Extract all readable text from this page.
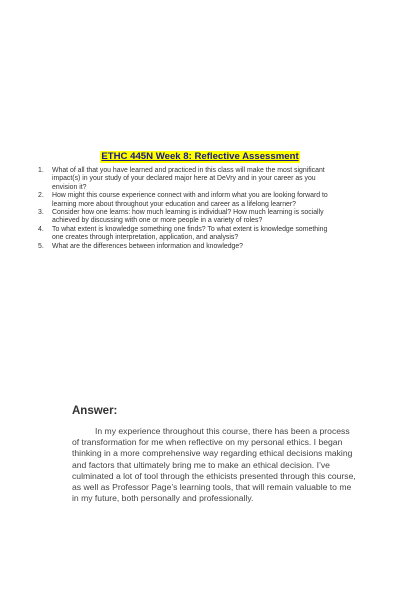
ETHC 445N Week 8: Reflective Assessment
1. What of all that you have learned and practiced in this class will make the most significant impact(s) in your study of your declared major here at DeVry and in your career as you envision it?
2. How might this course experience connect with and inform what you are looking forward to learning more about throughout your education and career as a lifelong learner?
3. Consider how one learns: how much learning is individual? How much learning is socially achieved by discussing with one or more people in a variety of roles?
4. To what extent is knowledge something one finds? To what extent is knowledge something one creates through interpretation, application, and analysis?
5. What are the differences between information and knowledge?
Answer:

In my experience throughout this course, there has been a process of transformation for me when reflective on my personal ethics. I began thinking in a more comprehensive way regarding ethical decisions making and factors that ultimately bring me to make an ethical decision. I’ve culminated a lot of tool through the ethicists presented through this course, as well as Professor Page’s learning tools, that will remain valuable to me in my future, both personally and professionally.
